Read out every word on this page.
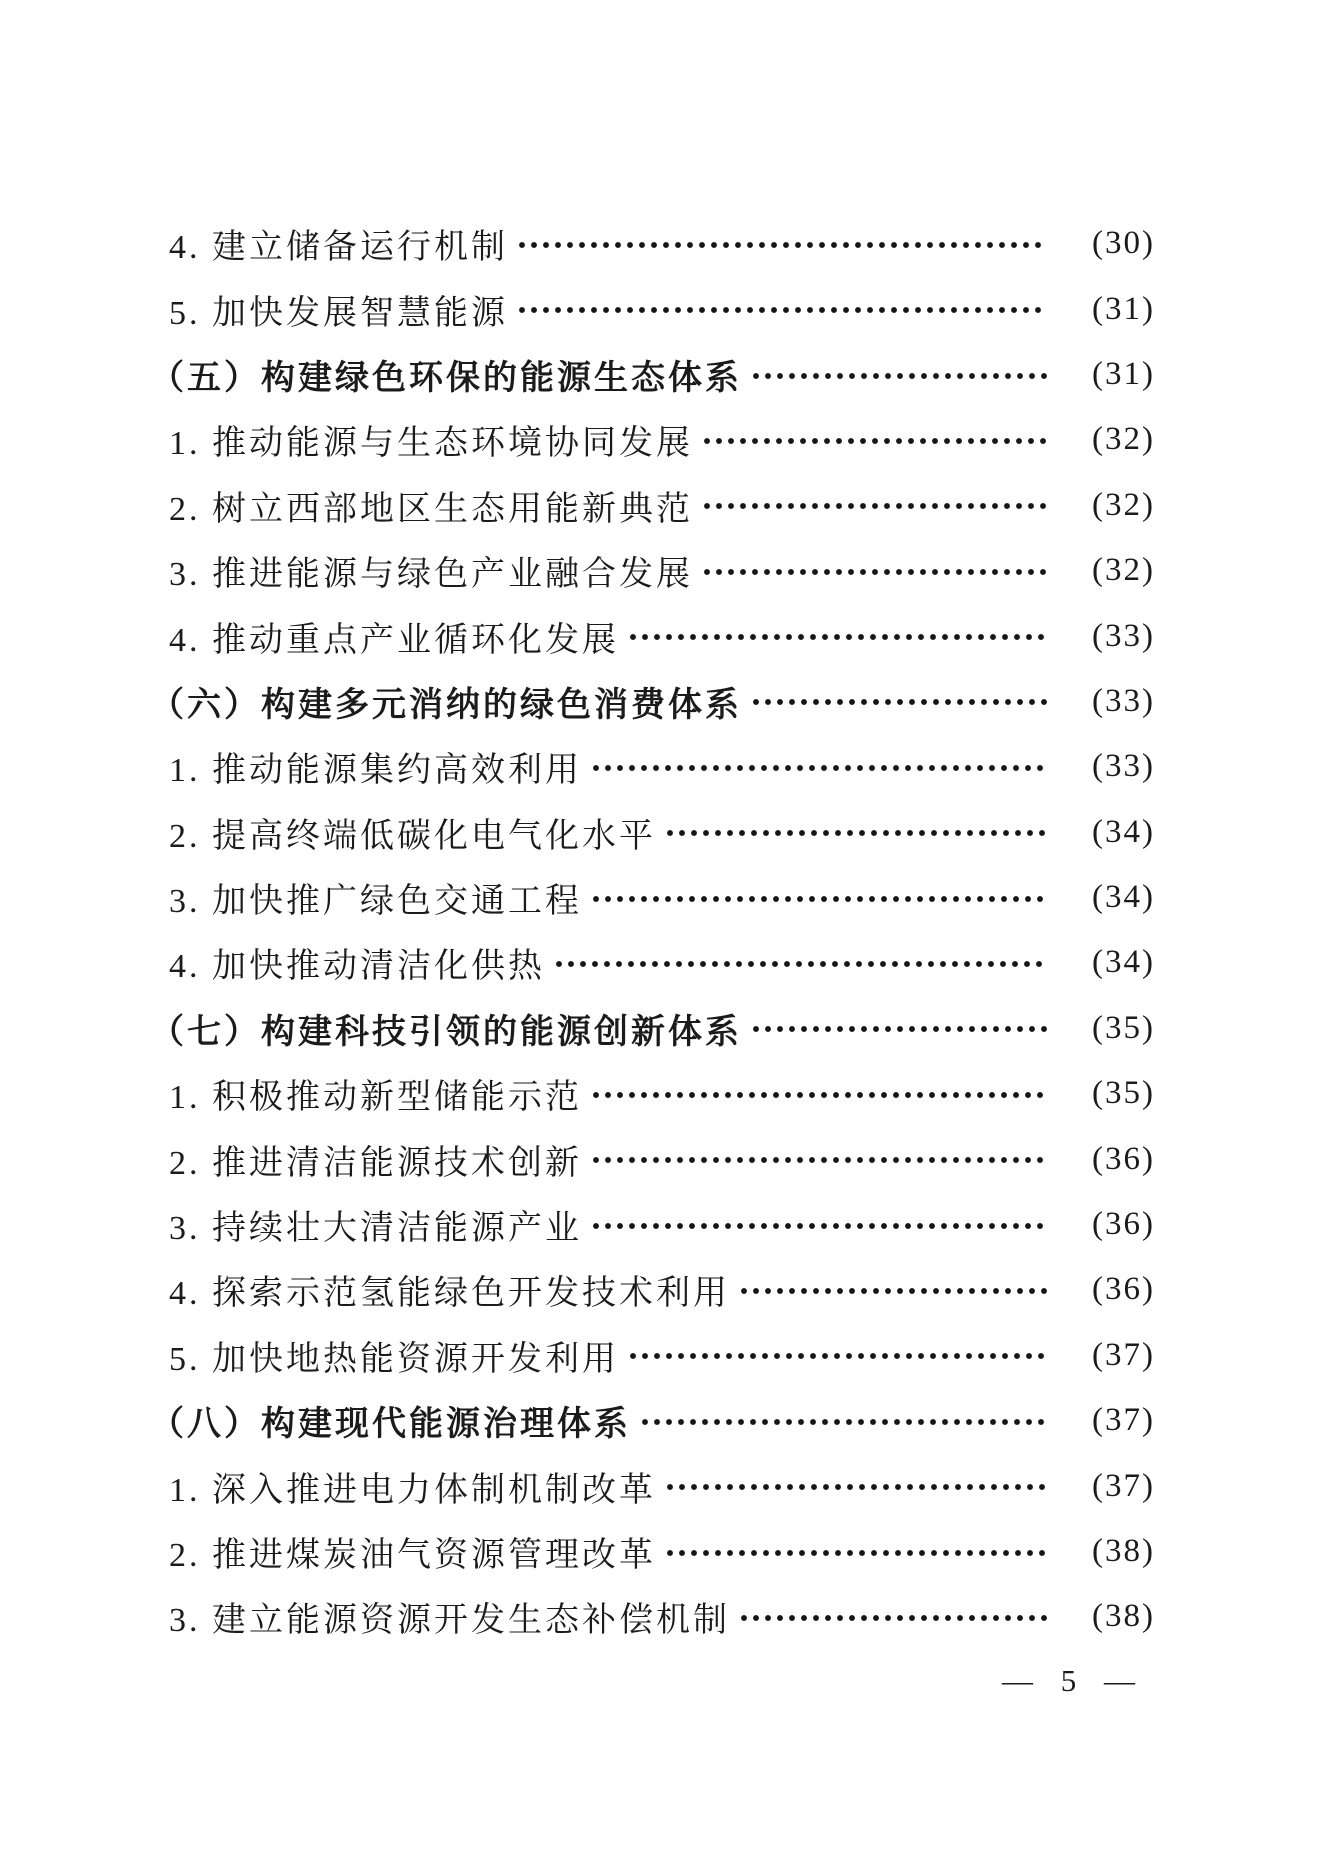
4. 建立储备运行机制	(30)
5. 加快发展智慧能源	(31)
（五）构建绿色环保的能源生态体系	(31)
1. 推动能源与生态环境协同发展	(32)
2. 树立西部地区生态用能新典范	(32)
3. 推进能源与绿色产业融合发展	(32)
4. 推动重点产业循环化发展	(33)
（六）构建多元消纳的绿色消费体系	(33)
1. 推动能源集约高效利用	(33)
2. 提高终端低碳化电气化水平	(34)
3. 加快推广绿色交通工程	(34)
4. 加快推动清洁化供热	(34)
（七）构建科技引领的能源创新体系	(35)
1. 积极推动新型储能示范	(35)
2. 推进清洁能源技术创新	(36)
3. 持续壮大清洁能源产业	(36)
4. 探索示范氢能绿色开发技术利用	(36)
5. 加快地热能资源开发利用	(37)
（八）构建现代能源治理体系	(37)
1. 深入推进电力体制机制改革	(37)
2. 推进煤炭油气资源管理改革	(38)
3. 建立能源资源开发生态补偿机制	(38)
— 5 —
